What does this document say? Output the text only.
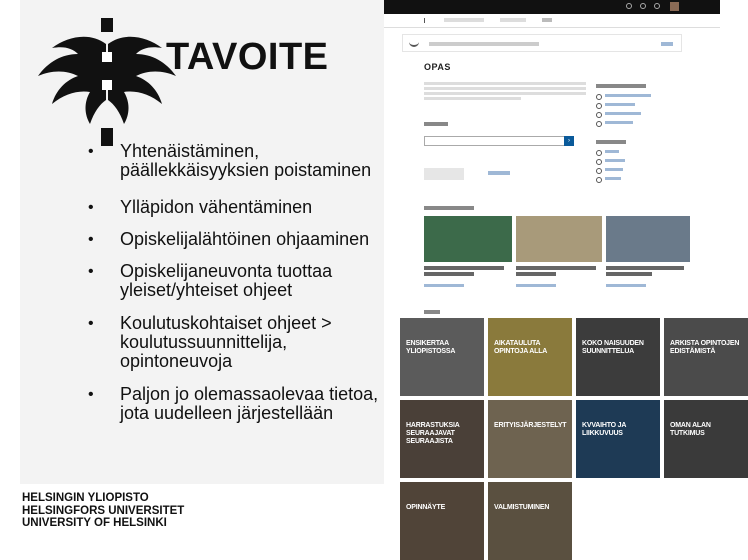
TAVOITE
• Yhtenäistäminen, päällekkäisyyksien poistaminen
• Ylläpidon vähentäminen
• Opiskelijalähtöinen ohjaaminen
• Opiskelijaneuvonta tuottaa yleiset/yhteiset ohjeet
• Koulutuskohtaiset ohjeet > koulutussuunnittelija, opintoneuvoja
• Paljon jo olemassaolevaa tietoa, jota uudelleen järjestellään
HELSINGIN YLIOPISTO
HELSINGFORS UNIVERSITET
UNIVERSITY OF HELSINKI
OPAS
›
ENSIKERTAA YLIOPISTOSSA
AIKATAULUTA OPINTOJA ALLA
KOKO NAISUUDEN SUUNNITTELUA
ARKISTA OPINTOJEN EDISTÄMISTÄ
HARRASTUKSIA SEURAAJAVAT SEURAAJISTA
ERITYISJÄRJESTELYT KVVAIHTO JA LIIKKUVUUS
OMAN ALAN TUTKIMUS
OPINNÄYTE	VALMISTUMINEN
